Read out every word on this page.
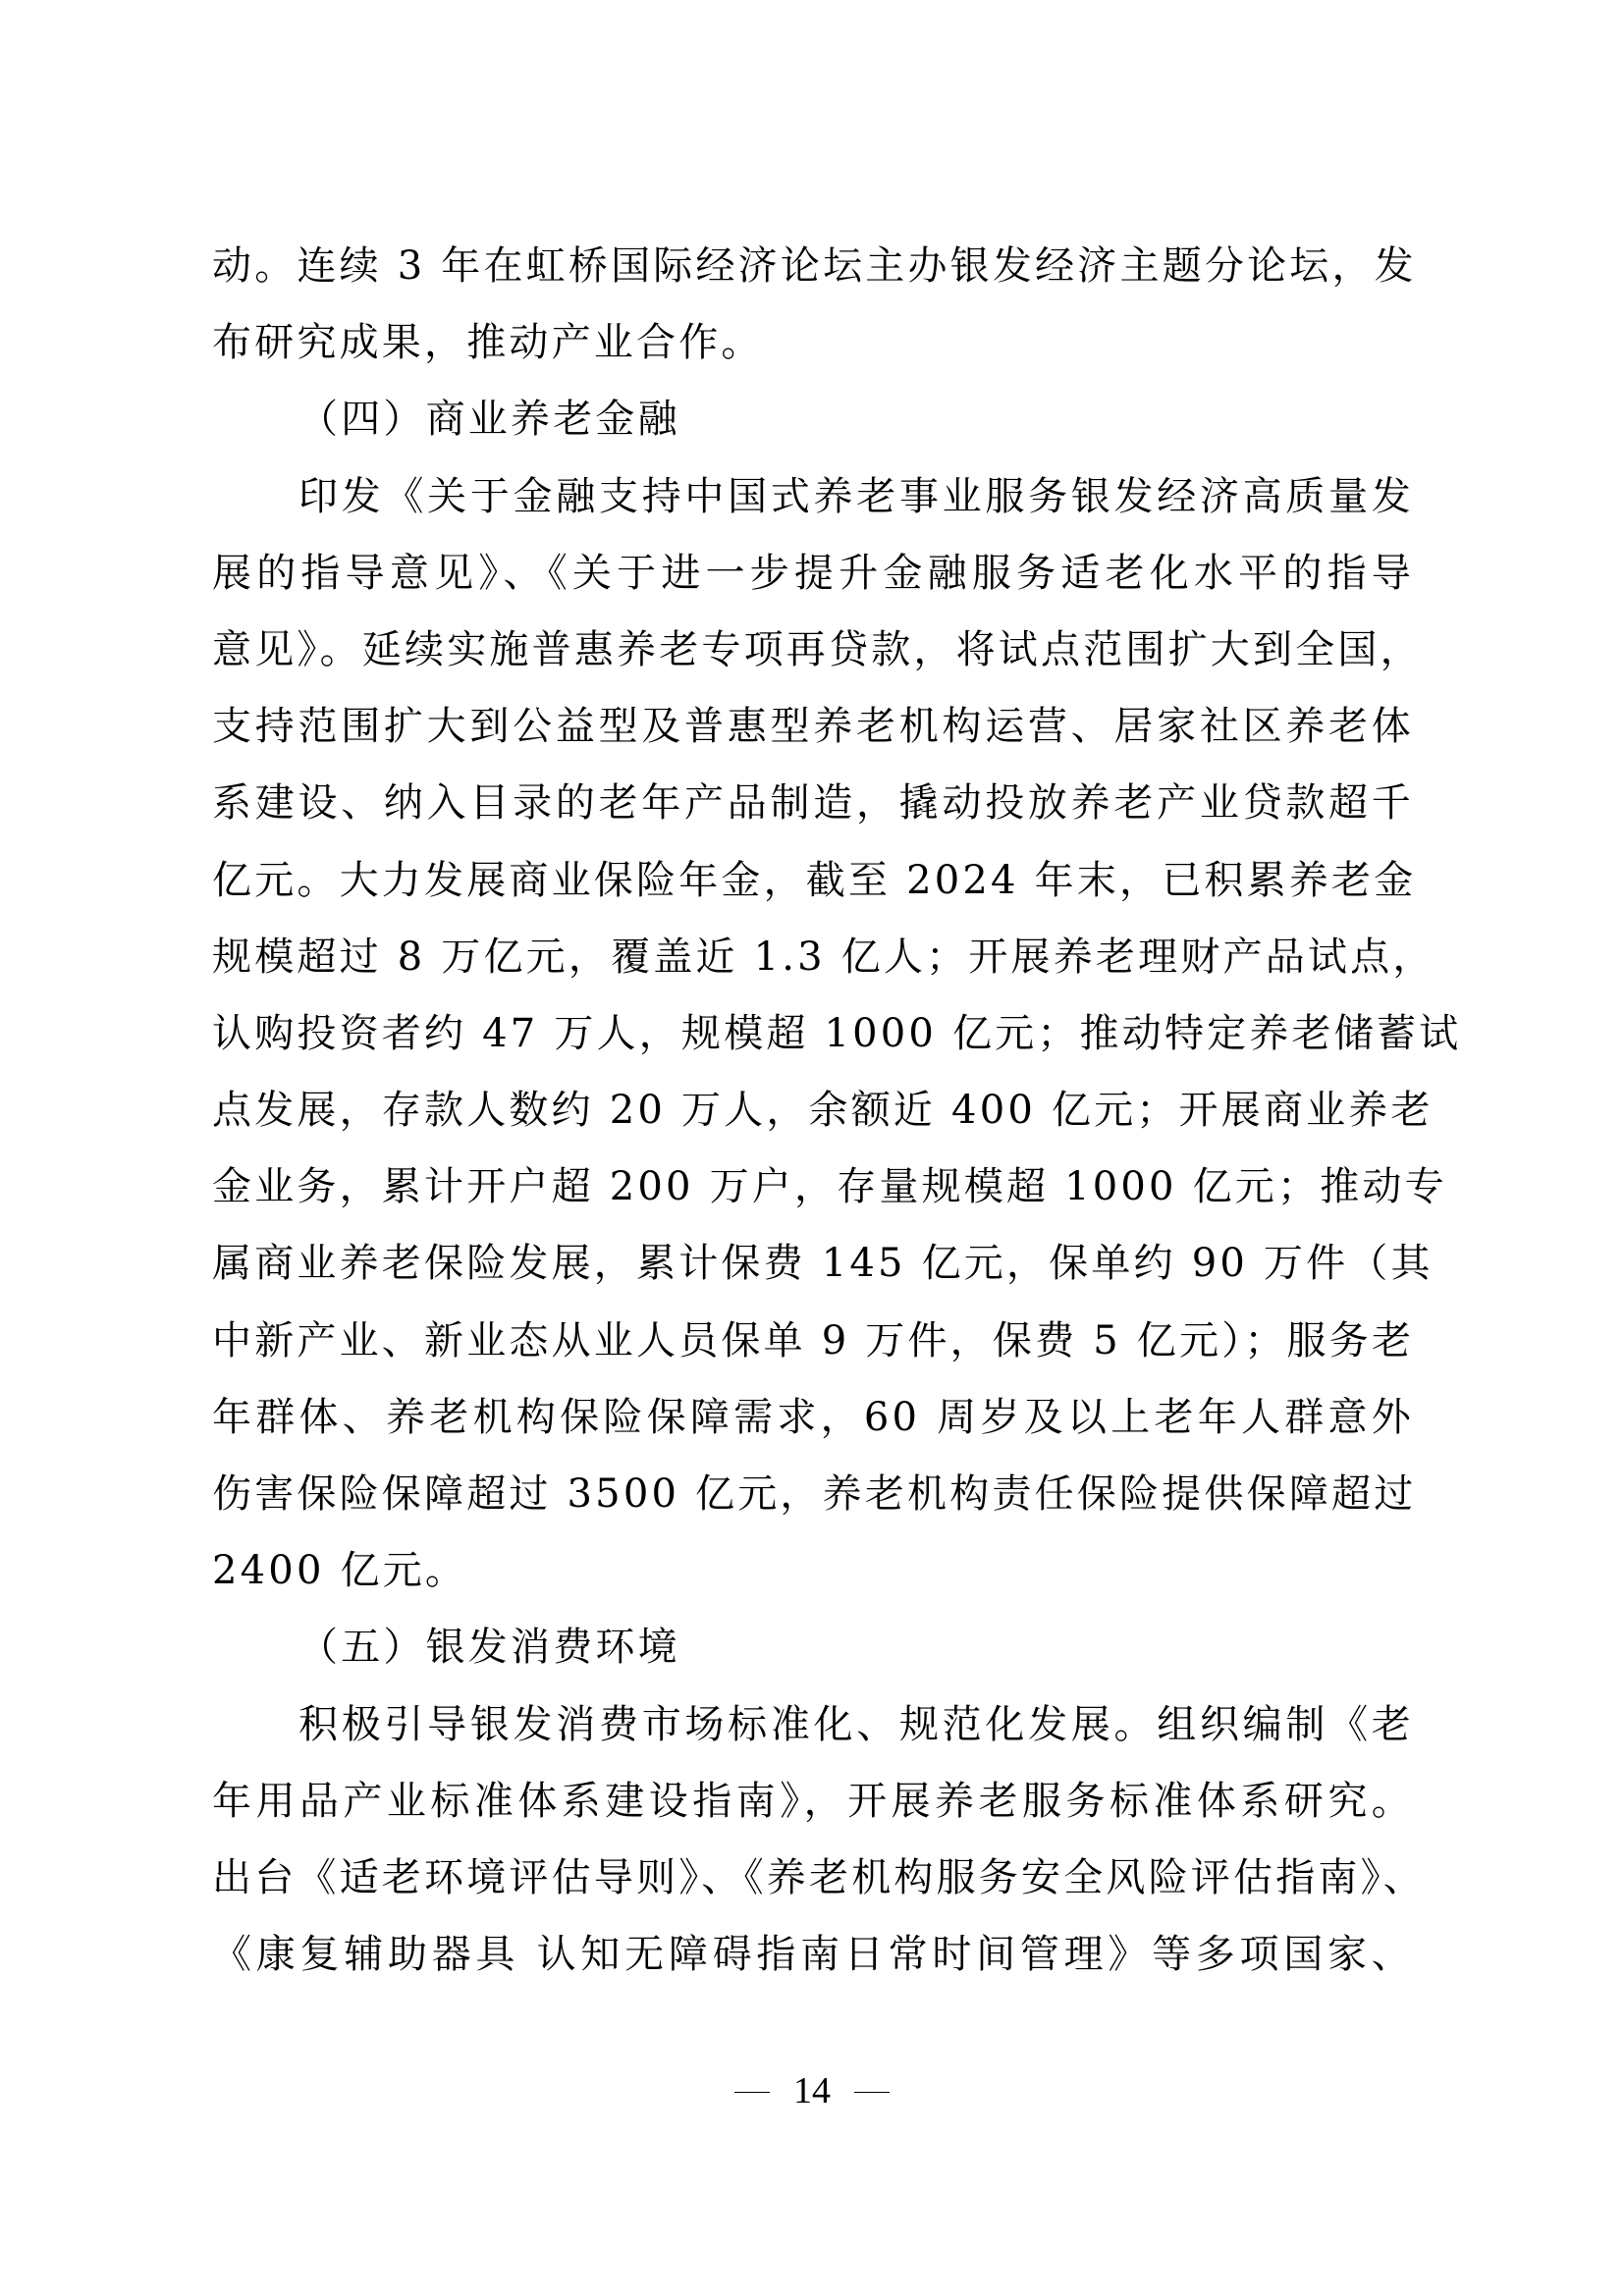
动。连续 3 年在虹桥国际经济论坛主办银发经济主题分论坛，发
布研究成果，推动产业合作。
（四）商业养老金融
印发《关于金融支持中国式养老事业服务银发经济高质量发
展的指导意见》、《关于进一步提升金融服务适老化水平的指导
意见》。延续实施普惠养老专项再贷款，将试点范围扩大到全国，
支持范围扩大到公益型及普惠型养老机构运营、居家社区养老体
系建设、纳入目录的老年产品制造，撬动投放养老产业贷款超千
亿元。大力发展商业保险年金，截至 2024 年末，已积累养老金
规模超过 8 万亿元，覆盖近 1.3 亿人；开展养老理财产品试点，
认购投资者约 47 万人，规模超 1000 亿元；推动特定养老储蓄试
点发展，存款人数约 20 万人，余额近 400 亿元；开展商业养老
金业务，累计开户超 200 万户，存量规模超 1000 亿元；推动专
属商业养老保险发展，累计保费 145 亿元，保单约 90 万件（其
中新产业、新业态从业人员保单 9 万件，保费 5 亿元）；服务老
年群体、养老机构保险保障需求，60 周岁及以上老年人群意外
伤害保险保障超过 3500 亿元，养老机构责任保险提供保障超过
2400 亿元。
（五）银发消费环境
积极引导银发消费市场标准化、规范化发展。组织编制《老
年用品产业标准体系建设指南》，开展养老服务标准体系研究。
出台《适老环境评估导则》、《养老机构服务安全风险评估指南》、
《康复辅助器具 认知无障碍指南日常时间管理》等多项国家、
14
